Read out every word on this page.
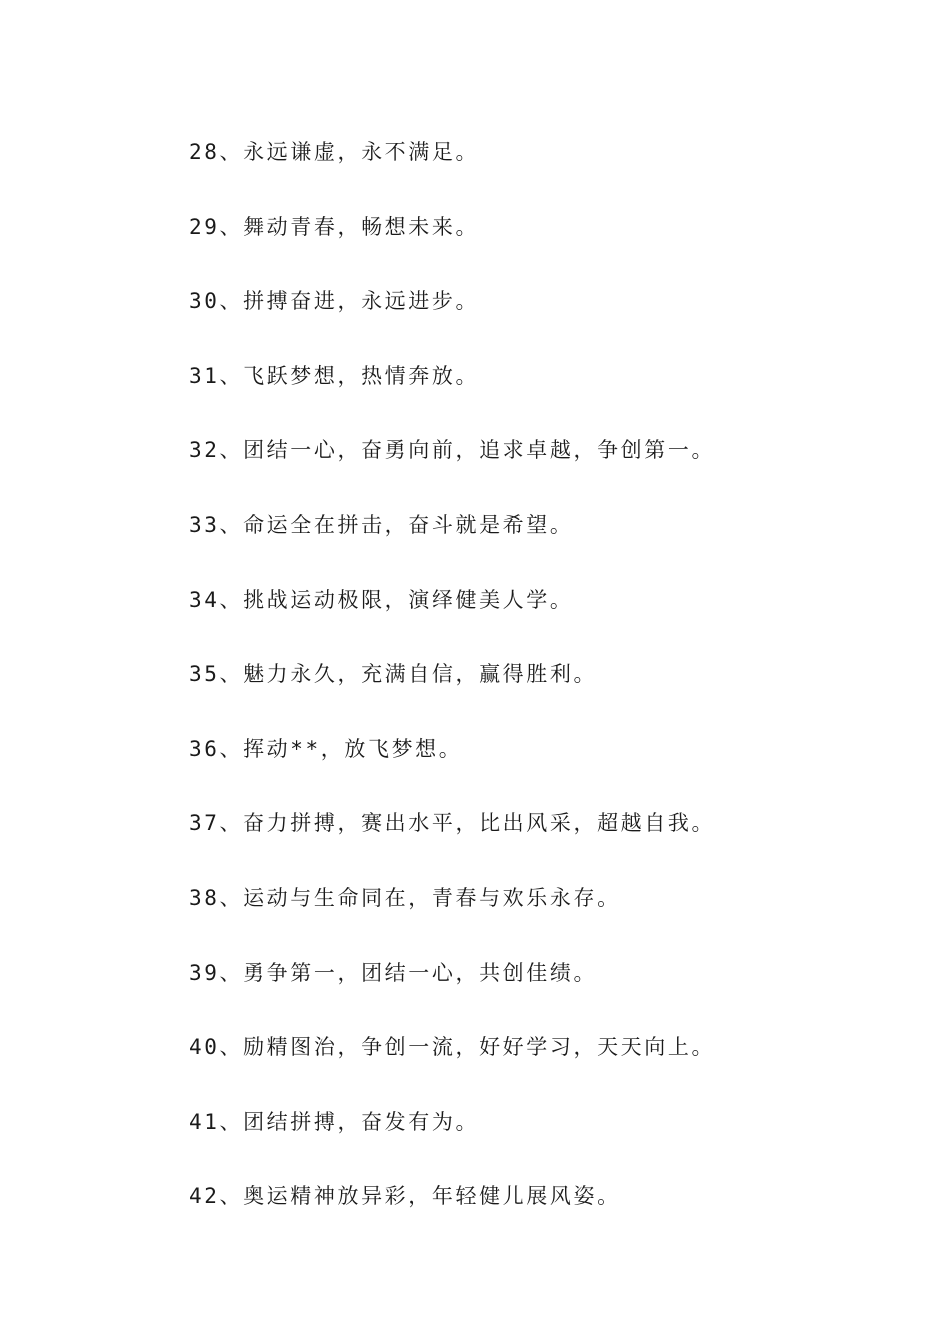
28、永远谦虚，永不满足。
29、舞动青春，畅想未来。
30、拼搏奋进，永远进步。
31、飞跃梦想，热情奔放。
32、团结一心，奋勇向前，追求卓越，争创第一。
33、命运全在拼击，奋斗就是希望。
34、挑战运动极限，演绎健美人学。
35、魅力永久，充满自信，赢得胜利。
36、挥动**，放飞梦想。
37、奋力拼搏，赛出水平，比出风采，超越自我。
38、运动与生命同在，青春与欢乐永存。
39、勇争第一，团结一心，共创佳绩。
40、励精图治，争创一流，好好学习，天天向上。
41、团结拼搏，奋发有为。
42、奥运精神放异彩，年轻健儿展风姿。
